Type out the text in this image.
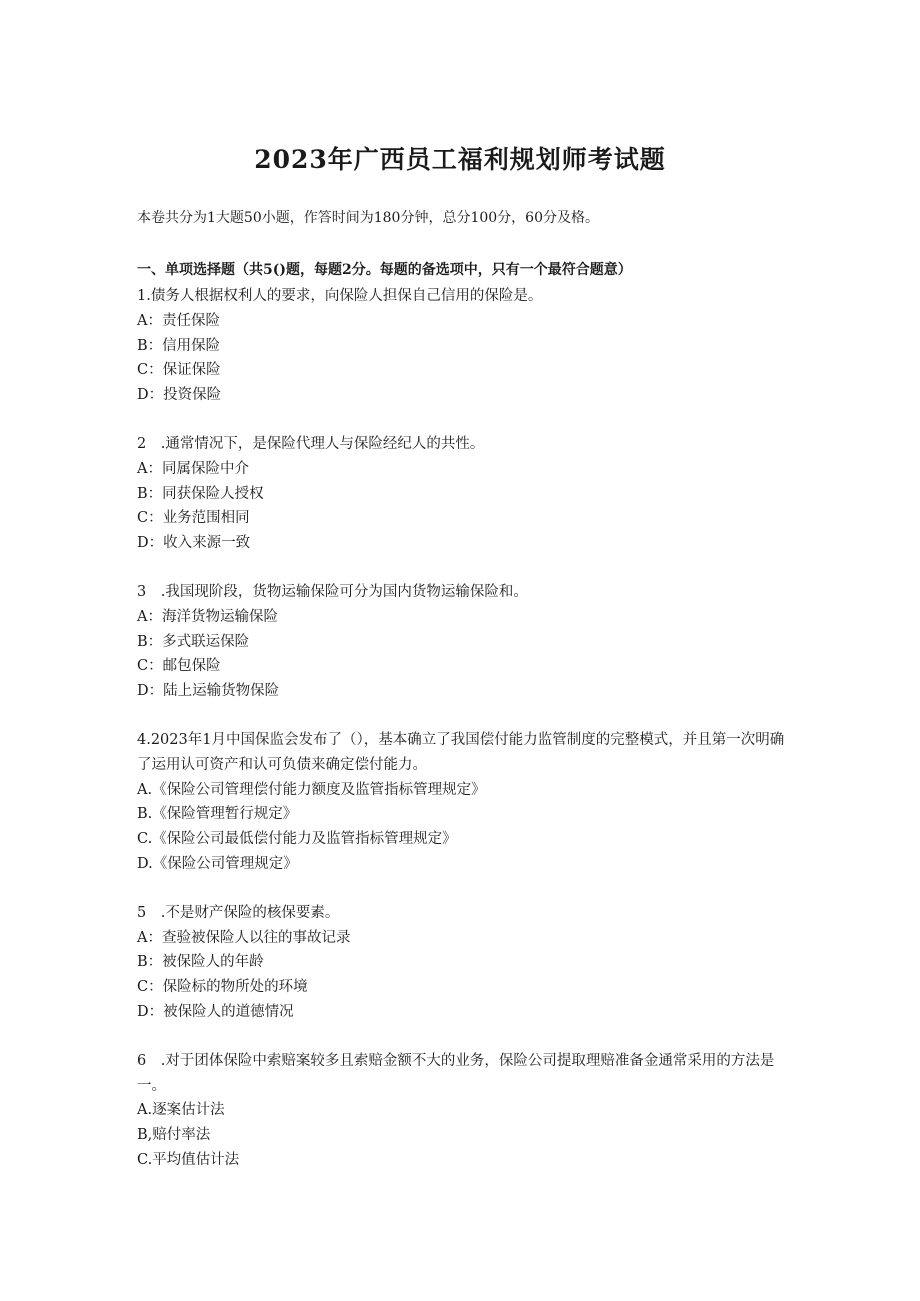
2023年广西员工福利规划师考试题
本卷共分为1大题50小题，作答时间为180分钟，总分100分，60分及格。
一、单项选择题（共5()题，每题2分。每题的备选项中，只有一个最符合题意）
1.债务人根据权利人的要求，向保险人担保自己信用的保险是。
A：责任保险
B：信用保险
C：保证保险
D：投资保险
2　.通常情况下，是保险代理人与保险经纪人的共性。
A：同属保险中介
B：同获保险人授权
C：业务范围相同
D：收入来源一致
3　.我国现阶段，货物运输保险可分为国内货物运输保险和。
A：海洋货物运输保险
B：多式联运保险
C：邮包保险
D：陆上运输货物保险
4.2023年1月中国保监会发布了（），基本确立了我国偿付能力监管制度的完整模式，并且第一次明确了运用认可资产和认可负债来确定偿付能力。
A.《保险公司管理偿付能力额度及监管指标管理规定》
B.《保险管理暂行规定》
C.《保险公司最低偿付能力及监管指标管理规定》
D.《保险公司管理规定》
5　.不是财产保险的核保要素。
A：查验被保险人以往的事故记录
B：被保险人的年龄
C：保险标的物所处的环境
D：被保险人的道德情况
6　.对于团体保险中索赔案较多且索赔金额不大的业务，保险公司提取理赔准备金通常采用的方法是一。
A.逐案估计法
B,赔付率法
C.平均值估计法
